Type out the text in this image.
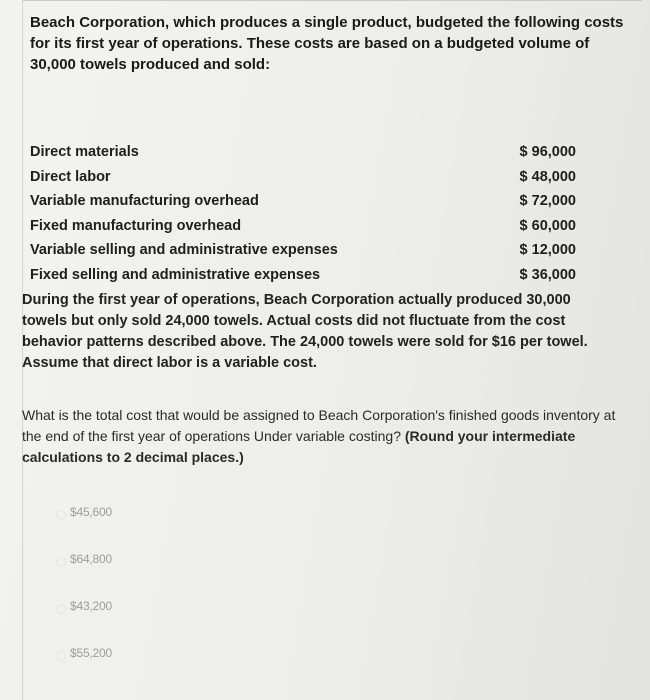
Beach Corporation, which produces a single product, budgeted the following costs for its first year of operations. These costs are based on a budgeted volume of 30,000 towels produced and sold:

Direct materials	$ 96,000
Direct labor	$ 48,000
Variable manufacturing overhead	$ 72,000
Fixed manufacturing overhead	$ 60,000
Variable selling and administrative expenses	$ 12,000
Fixed selling and administrative expenses	$ 36,000

During the first year of operations, Beach Corporation actually produced 30,000 towels but only sold 24,000 towels. Actual costs did not fluctuate from the cost behavior patterns described above. The 24,000 towels were sold for $16 per towel. Assume that direct labor is a variable cost.

What is the total cost that would be assigned to Beach Corporation's finished goods inventory at the end of the first year of operations Under variable costing? (Round your intermediate calculations to 2 decimal places.)

$45,600
$64,800
$43,200
$55,200
